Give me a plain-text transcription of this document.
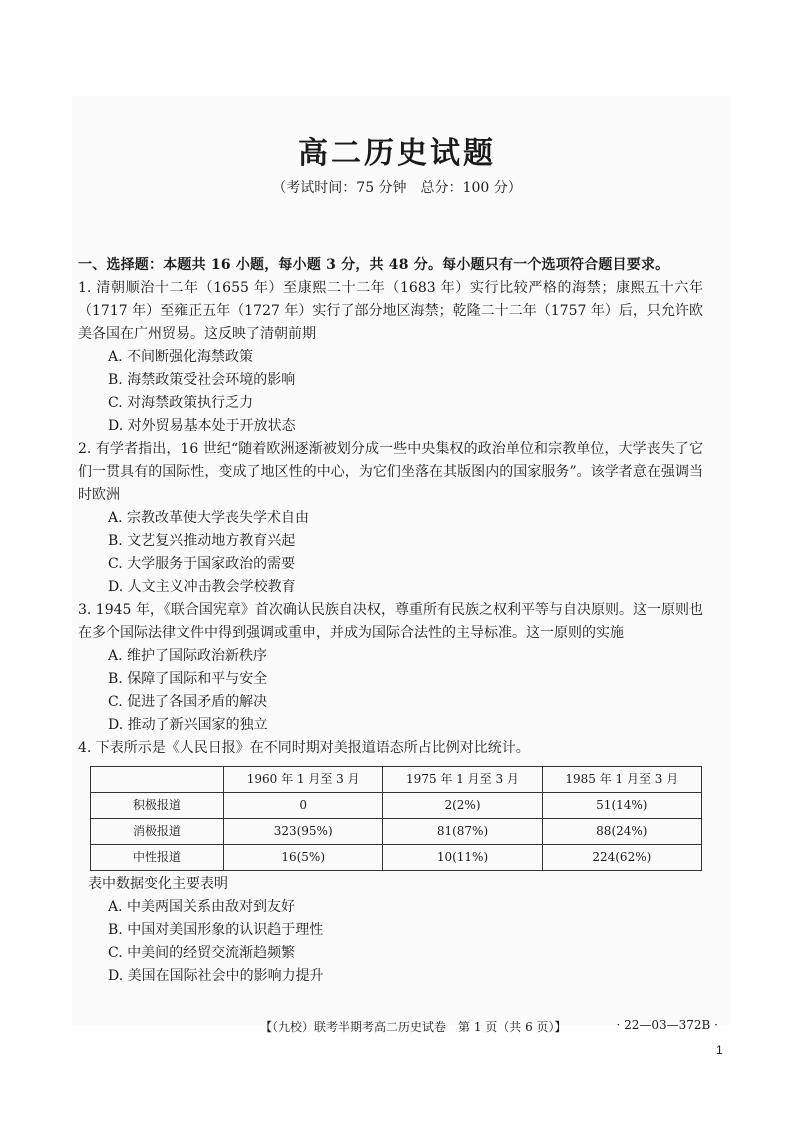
高二历史试题
（考试时间：75 分钟　总分：100 分）
一、选择题：本题共 16 小题，每小题 3 分，共 48 分。每小题只有一个选项符合题目要求。

1. 清朝顺治十二年（1655 年）至康熙二十二年（1683 年）实行比较严格的海禁；康熙五十六年（1717 年）至雍正五年（1727 年）实行了部分地区海禁；乾隆二十二年（1757 年）后，只允许欧美各国在广州贸易。这反映了清朝前期

A. 不间断强化海禁政策

B. 海禁政策受社会环境的影响

C. 对海禁政策执行乏力

D. 对外贸易基本处于开放状态

2. 有学者指出，16 世纪“随着欧洲逐渐被划分成一些中央集权的政治单位和宗教单位，大学丧失了它们一贯具有的国际性，变成了地区性的中心，为它们坐落在其版图内的国家服务”。该学者意在强调当时欧洲

A. 宗教改革使大学丧失学术自由

B. 文艺复兴推动地方教育兴起

C. 大学服务于国家政治的需要

D. 人文主义冲击教会学校教育

3. 1945 年，《联合国宪章》首次确认民族自决权，尊重所有民族之权利平等与自决原则。这一原则也在多个国际法律文件中得到强调或重申，并成为国际合法性的主导标准。这一原则的实施

A. 维护了国际政治新秩序

B. 保障了国际和平与安全

C. 促进了各国矛盾的解决

D. 推动了新兴国家的独立

4. 下表所示是《人民日报》在不同时期对美报道语态所占比例对比统计。

	1960 年 1 月至 3 月	1975 年 1 月至 3 月	1985 年 1 月至 3 月
积极报道	0	2(2%)	51(14%)
消极报道	323(95%)	81(87%)	88(24%)
中性报道	16(5%)	10(11%)	224(62%)

表中数据变化主要表明

A. 中美两国关系由敌对到友好

B. 中国对美国形象的认识趋于理性

C. 中美间的经贸交流渐趋频繁

D. 美国在国际社会中的影响力提升

【（九校）联考半期考高二历史试卷　第 1 页（共 6 页）】	· 22—03—372B ·
1
